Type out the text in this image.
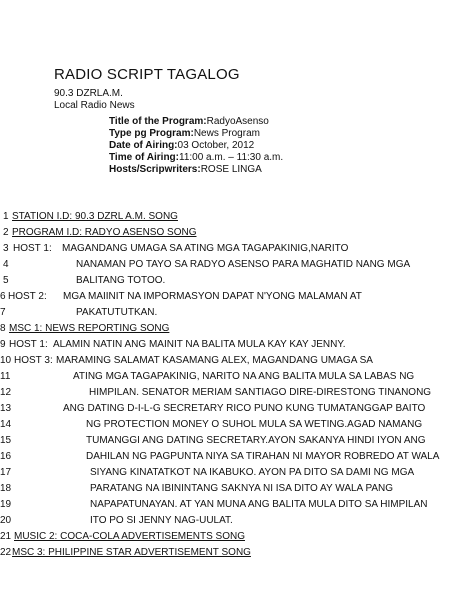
RADIO SCRIPT TAGALOG
90.3 DZRLA.M.
Local Radio News
Title of the Program:RadyoAsenso
Type pg Program:News Program
Date of Airing:03 October, 2012
Time of Airing:11:00 a.m. – 11:30 a.m.
Hosts/Scripwriters:ROSE LINGA
1 STATION I.D: 90.3 DZRL A.M. SONG
2 PROGRAM I.D: RADYO ASENSO SONG
3 HOST 1: MAGANDANG UMAGA SA ATING MGA TAGAPAKINIG,NARITO
4	NANAMAN PO TAYO SA RADYO ASENSO PARA MAGHATID NANG MGA
5	BALITANG TOTOO.
6 HOST 2: MGA MAIINIT NA IMPORMASYON DAPAT N'YONG MALAMAN AT
7	PAKATUTUTKAN.
8 MSC 1: NEWS REPORTING SONG
9 HOST 1: ALAMIN NATIN ANG MAINIT NA BALITA MULA KAY KAY JENNY.
10 HOST 3: MARAMING SALAMAT KASAMANG ALEX, MAGANDANG UMAGA SA
11	ATING MGA TAGAPAKINIG, NARITO NA ANG BALITA MULA SA LABAS NG
12	HIMPILAN. SENATOR MERIAM SANTIAGO DIRE-DIRESTONG TINANONG
13	ANG DATING D-I-L-G SECRETARY RICO PUNO KUNG TUMATANGGAP BAITO
14	NG PROTECTION MONEY O SUHOL MULA SA WETING.AGAD NAMANG
15	TUMANGGI ANG DATING SECRETARY.AYON SAKANYA HINDI IYON ANG
16	DAHILAN NG PAGPUNTA NIYA SA TIRAHAN NI MAYOR ROBREDO AT WALA
17	SIYANG KINATATKOT NA IKABUKO. AYON PA DITO SA DAMI NG MGA
18	PARATANG NA IBININTANG SAKNYA NI ISA DITO AY WALA PANG
19	NAPAPATUNAYAN. AT YAN MUNA ANG BALITA MULA DITO SA HIMPILAN
20	ITO PO SI JENNY NAG-UULAT.
21 MUSIC 2: COCA-COLA ADVERTISEMENTS SONG
22 MSC 3: PHILIPPINE STAR ADVERTISEMENT SONG
